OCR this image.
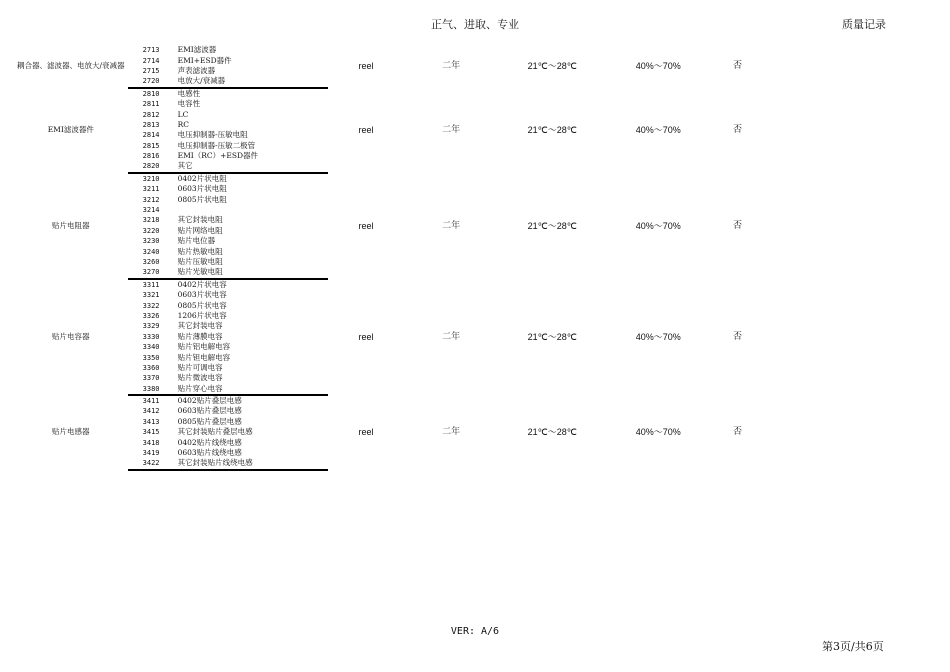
正气、进取、专业	质量记录
耦合器、滤波器、电放大/衰减器	2713	EMI滤波器	reel	二年	21℃～28℃	40%～70%	否	
	2714	EMI+ESD器件						
	2715	声表滤波器						
	2720	电放大/衰减器						
EMI滤波器件	2810	电感性	reel	二年	21℃～28℃	40%～70%	否	
	2811	电容性						
	2812	LC						
	2813	RC						
	2814	电压抑制器-压敏电阻						
	2815	电压抑制器-压敏二极管						
	2816	EMI（RC）+ESD器件						
	2820	其它						
贴片电阻器	3210	0402片状电阻	reel	二年	21℃～28℃	40%～70%	否	
	3211	0603片状电阻						
	3212	0805片状电阻						
	3214							
	3218	其它封装电阻						
	3220	贴片网络电阻						
	3230	贴片电位器						
	3240	贴片热敏电阻						
	3260	贴片压敏电阻						
	3270	贴片光敏电阻						
贴片电容器	3311	0402片状电容	reel	二年	21℃～28℃	40%～70%	否	
	3321	0603片状电容						
	3322	0805片状电容						
	3326	1206片状电容						
	3329	其它封装电容						
	3330	贴片薄膜电容						
	3340	贴片铝电解电容						
	3350	贴片钽电解电容						
	3360	贴片可调电容						
	3370	贴片微波电容						
	3380	贴片穿心电容						
贴片电感器	3411	0402贴片叠层电感	reel	二年	21℃～28℃	40%～70%	否	
	3412	0603贴片叠层电感						
	3413	0805贴片叠层电感						
	3415	其它封装贴片叠层电感						
	3418	0402贴片线绕电感						
	3419	0603贴片线绕电感						
	3422	其它封装贴片线绕电感						
VER: A/6
第3页/共6页
